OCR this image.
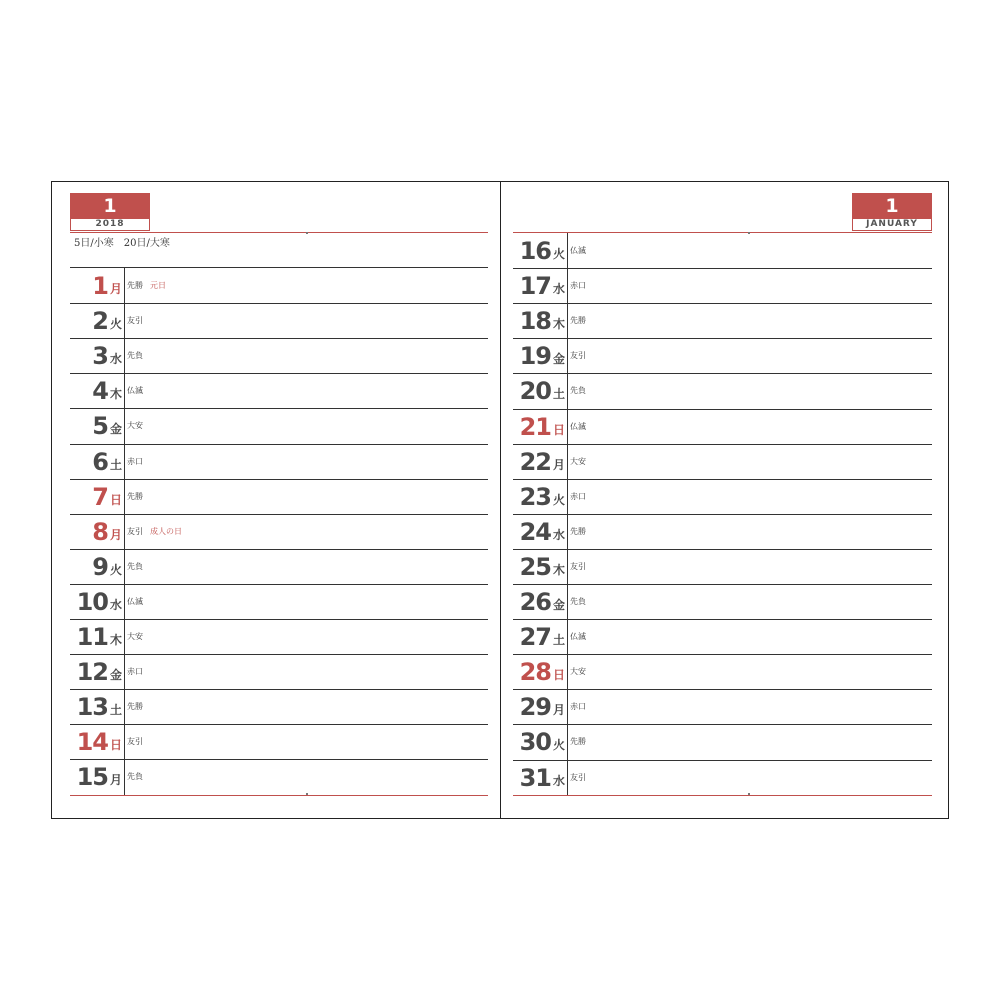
1
2018
5日/小寒　20日/大寒
1 月 先勝 元日
2 火 友引
3 水 先負
4 木 仏滅
5 金 大安
6 土 赤口
7 日 先勝
8 月 友引 成人の日
9 火 先負
10 水 仏滅
11 木 大安
12 金 赤口
13 土 先勝
14 日 友引
15 月 先負
1
JANUARY
16 火 仏滅
17 水 赤口
18 木 先勝
19 金 友引
20 土 先負
21 日 仏滅
22 月 大安
23 火 赤口
24 水 先勝
25 木 友引
26 金 先負
27 土 仏滅
28 日 大安
29 月 赤口
30 火 先勝
31 水 友引
